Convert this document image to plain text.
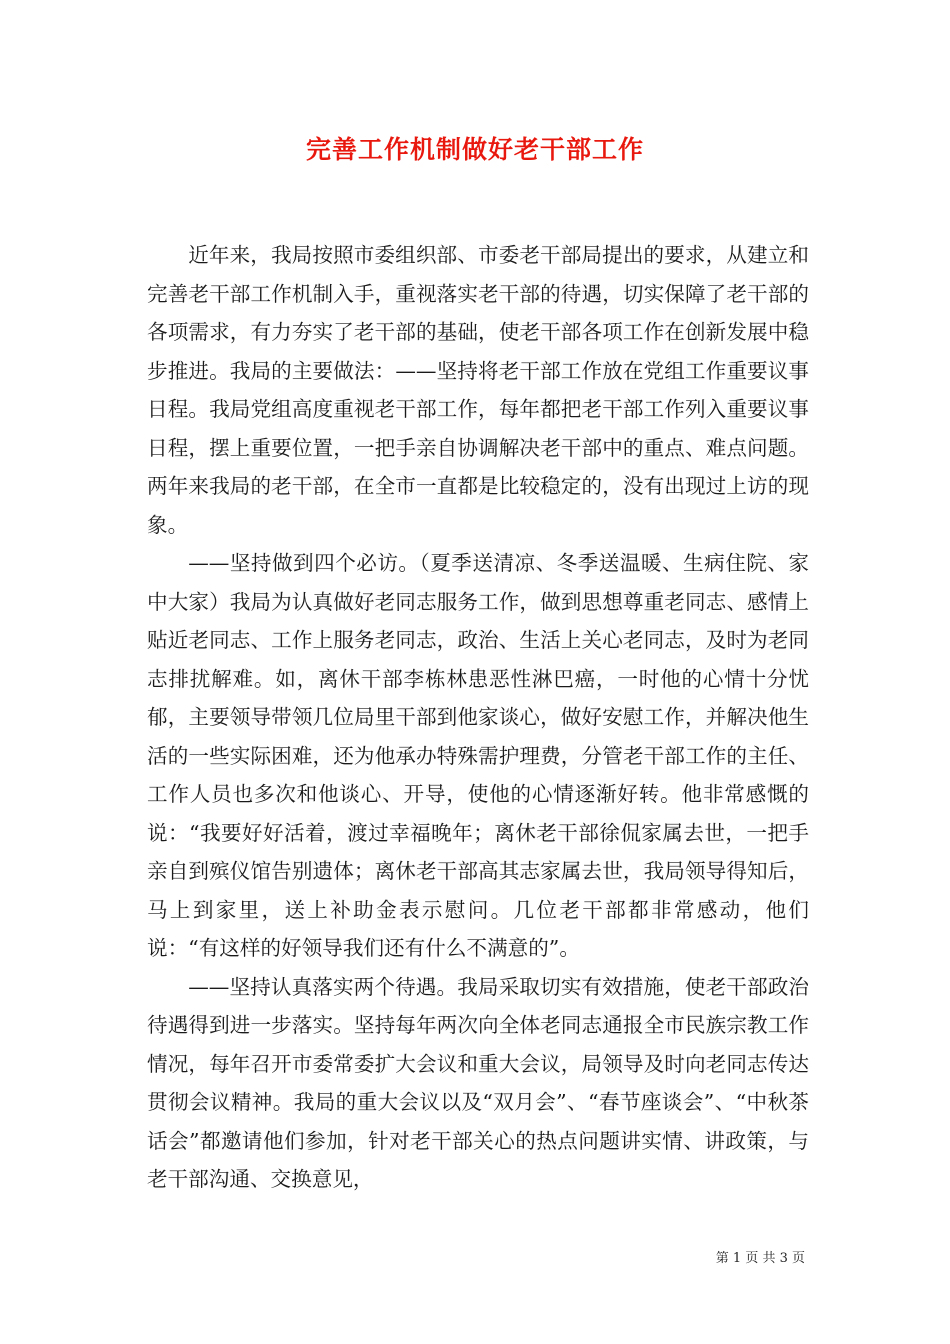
完善工作机制做好老干部工作

近年来，我局按照市委组织部、市委老干部局提出的要求，从建立和完善老干部工作机制入手，重视落实老干部的待遇，切实保障了老干部的各项需求，有力夯实了老干部的基础，使老干部各项工作在创新发展中稳步推进。我局的主要做法：——坚持将老干部工作放在党组工作重要议事日程。我局党组高度重视老干部工作，每年都把老干部工作列入重要议事日程，摆上重要位置，一把手亲自协调解决老干部中的重点、难点问题。两年来我局的老干部，在全市一直都是比较稳定的，没有出现过上访的现象。

——坚持做到四个必访。（夏季送清凉、冬季送温暖、生病住院、家中大家）我局为认真做好老同志服务工作，做到思想尊重老同志、感情上贴近老同志、工作上服务老同志，政治、生活上关心老同志，及时为老同志排扰解难。如，离休干部李栋林患恶性淋巴癌，一时他的心情十分忧郁，主要领导带领几位局里干部到他家谈心，做好安慰工作，并解决他生活的一些实际困难，还为他承办特殊需护理费，分管老干部工作的主任、工作人员也多次和他谈心、开导，使他的心情逐渐好转。他非常感慨的说：“我要好好活着，渡过幸福晚年；离休老干部徐侃家属去世，一把手亲自到殡仪馆告别遗体；离休老干部高其志家属去世，我局领导得知后，马上到家里，送上补助金表示慰问。几位老干部都非常感动，他们说：“有这样的好领导我们还有什么不满意的”。

——坚持认真落实两个待遇。我局采取切实有效措施，使老干部政治待遇得到进一步落实。坚持每年两次向全体老同志通报全市民族宗教工作情况，每年召开市委常委扩大会议和重大会议，局领导及时向老同志传达贯彻会议精神。我局的重大会议以及“双月会”、“春节座谈会”、“中秋茶话会”都邀请他们参加，针对老干部关心的热点问题讲实情、讲政策，与老干部沟通、交换意见，

第 1 页 共 3 页
